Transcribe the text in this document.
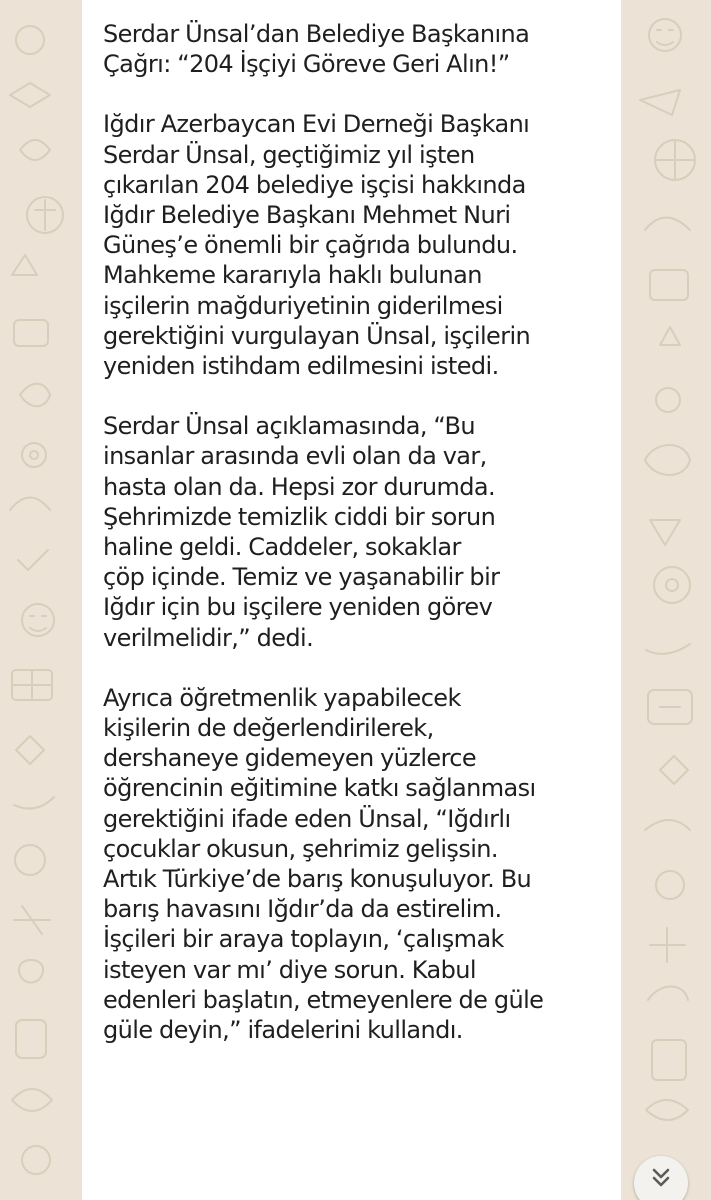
Serdar Ünsal’dan Belediye Başkanına
Çağrı: “204 İşçiyi Göreve Geri Alın!”

Iğdır Azerbaycan Evi Derneği Başkanı
Serdar Ünsal, geçtiğimiz yıl işten
çıkarılan 204 belediye işçisi hakkında
Iğdır Belediye Başkanı Mehmet Nuri
Güneş’e önemli bir çağrıda bulundu.
Mahkeme kararıyla haklı bulunan
işçilerin mağduriyetinin giderilmesi
gerektiğini vurgulayan Ünsal, işçilerin
yeniden istihdam edilmesini istedi.

Serdar Ünsal açıklamasında, “Bu
insanlar arasında evli olan da var,
hasta olan da. Hepsi zor durumda.
Şehrimizde temizlik ciddi bir sorun
haline geldi. Caddeler, sokaklar
çöp içinde. Temiz ve yaşanabilir bir
Iğdır için bu işçilere yeniden görev
verilmelidir,” dedi.

Ayrıca öğretmenlik yapabilecek
kişilerin de değerlendirilerek,
dershaneye gidemeyen yüzlerce
öğrencinin eğitimine katkı sağlanması
gerektiğini ifade eden Ünsal, “Iğdırlı
çocuklar okusun, şehrimiz gelişsin.
Artık Türkiye’de barış konuşuluyor. Bu
barış havasını Iğdır’da da estirelim.
İşçileri bir araya toplayın, ‘çalışmak
isteyen var mı’ diye sorun. Kabul
edenleri başlatın, etmeyenlere de güle
güle deyin,” ifadelerini kullandı.
